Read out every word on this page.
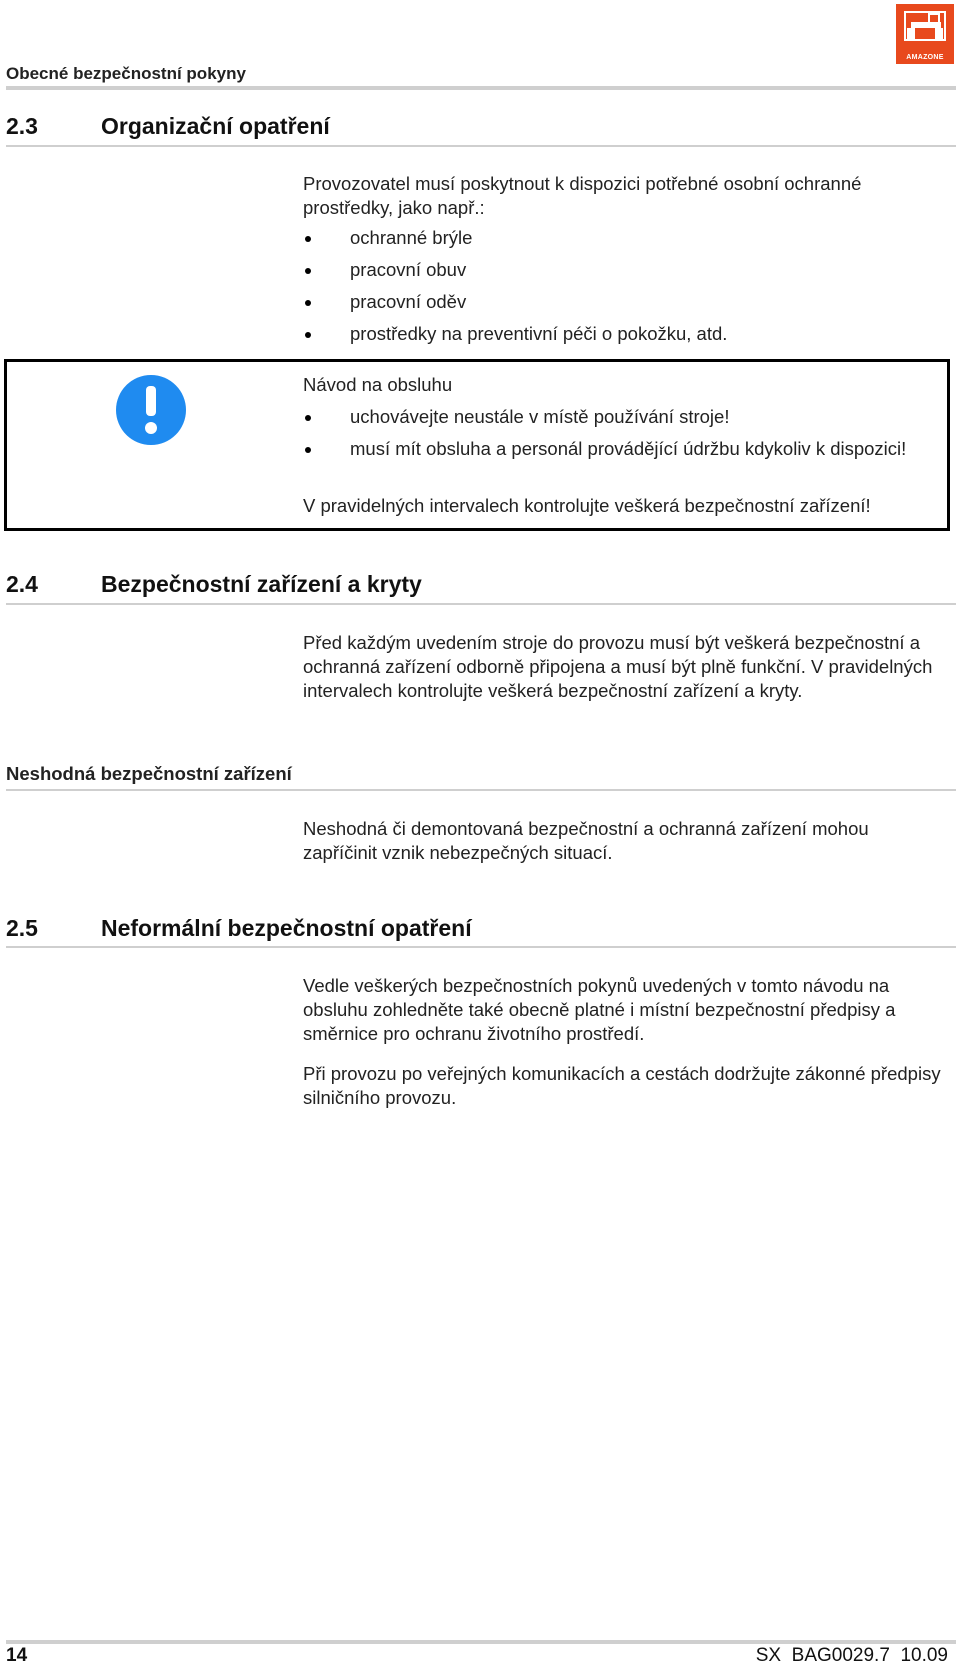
AMAZONE
Obecné bezpečnostní pokyny
2.3	Organizační opatření
Provozovatel musí poskytnout k dispozici potřebné osobní ochranné prostředky, jako např.:
ochranné brýle
pracovní obuv
pracovní oděv
prostředky na preventivní péči o pokožku, atd.
Návod na obsluhu
uchovávejte neustále v místě používání stroje!
musí mít obsluha a personál provádějící údržbu kdykoliv k dispozici!
V pravidelných intervalech kontrolujte veškerá bezpečnostní zařízení!
2.4	Bezpečnostní zařízení a kryty
Před každým uvedením stroje do provozu musí být veškerá bezpečnostní a ochranná zařízení odborně připojena a musí být plně funkční. V pravidelných intervalech kontrolujte veškerá bezpečnostní zařízení a kryty.
Neshodná bezpečnostní zařízení
Neshodná či demontovaná bezpečnostní a ochranná zařízení mohou zapříčinit vznik nebezpečných situací.
2.5	Neformální bezpečnostní opatření
Vedle veškerých bezpečnostních pokynů uvedených v tomto návodu na obsluhu zohledněte také obecně platné i místní bezpečnostní předpisy a směrnice pro ochranu životního prostředí.
Při provozu po veřejných komunikacích a cestách dodržujte zákonné předpisy silničního provozu.
14	SX  BAG0029.7  10.09
